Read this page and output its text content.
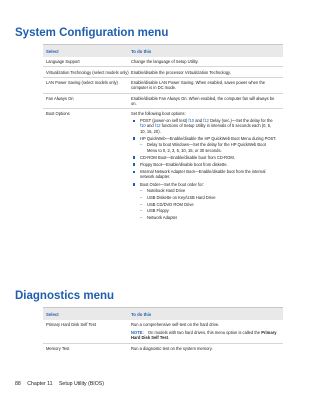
System Configuration menu
Select	To do this
Language Support	Change the language of Setup Utility.
Virtualization Technology (select models only) Enable/disable the processor Virtualization Technology.
LAN Power Saving (select models only)	Enable/disable LAN Power Saving. When enabled, saves power when the computer is in DC mode.
Fan Always On	Enable/disable Fan Always On. When enabled, the computer fan will always be on.
Boot Options	Set the following boot options:
POST (power-on self test) f10 and f12 Delay (sec.)—Set the delay for the f10 and f12 functions of Setup Utility in intervals of 5 seconds each (0, 5, 10, 15, 20).
HP QuickWeb—Enable/disable the HP QuickWeb Boot Menu during POST.
– Delay to boot Windows—Set the delay for the HP QuickWeb Boot Menu to 0, 2, 3, 5, 10, 15, or 30 seconds.
CD-ROM Boot—Enable/disable boot from CD-ROM.
Floppy Boot—Enable/disable boot from diskette.
Internal Network Adapter Boot—Enable/disable boot from the internal network adapter.
Boot Order—Set the boot order for:
– Notebook Hard Drive
– USB Diskette on Key/USB Hard Drive
– USB CD/DVD ROM Drive
– USB Floppy
– Network Adapter
Diagnostics menu
Select	To do this
Primary Hard Disk Self Test	Run a comprehensive self-test on the hard drive.
NOTE: On models with two hard drives, this menu option is called the Primary Hard Disk Self Test.
Memory Test	Run a diagnostic test on the system memory.
88 Chapter 11 Setup Utility (BIOS)
